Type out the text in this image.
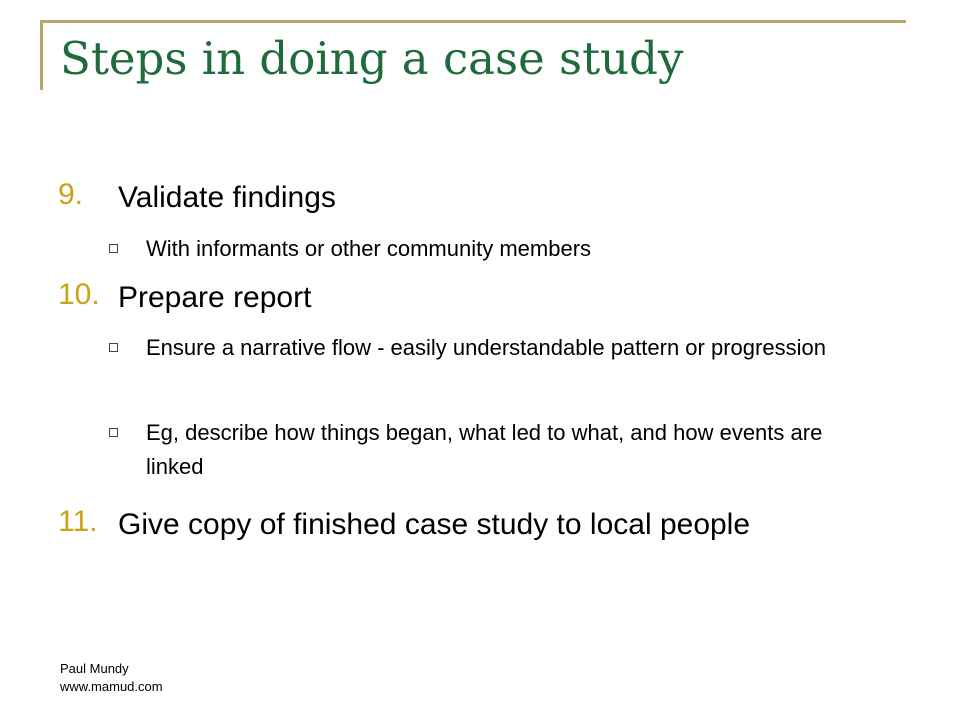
Steps in doing a case study
9.	Validate findings
With informants or other community members
10. Prepare report
Ensure a narrative flow - easily understandable pattern or progression
Eg, describe how things began, what led to what, and how events are linked
11. Give copy of finished case study to local people
Paul Mundy
www.mamud.com
